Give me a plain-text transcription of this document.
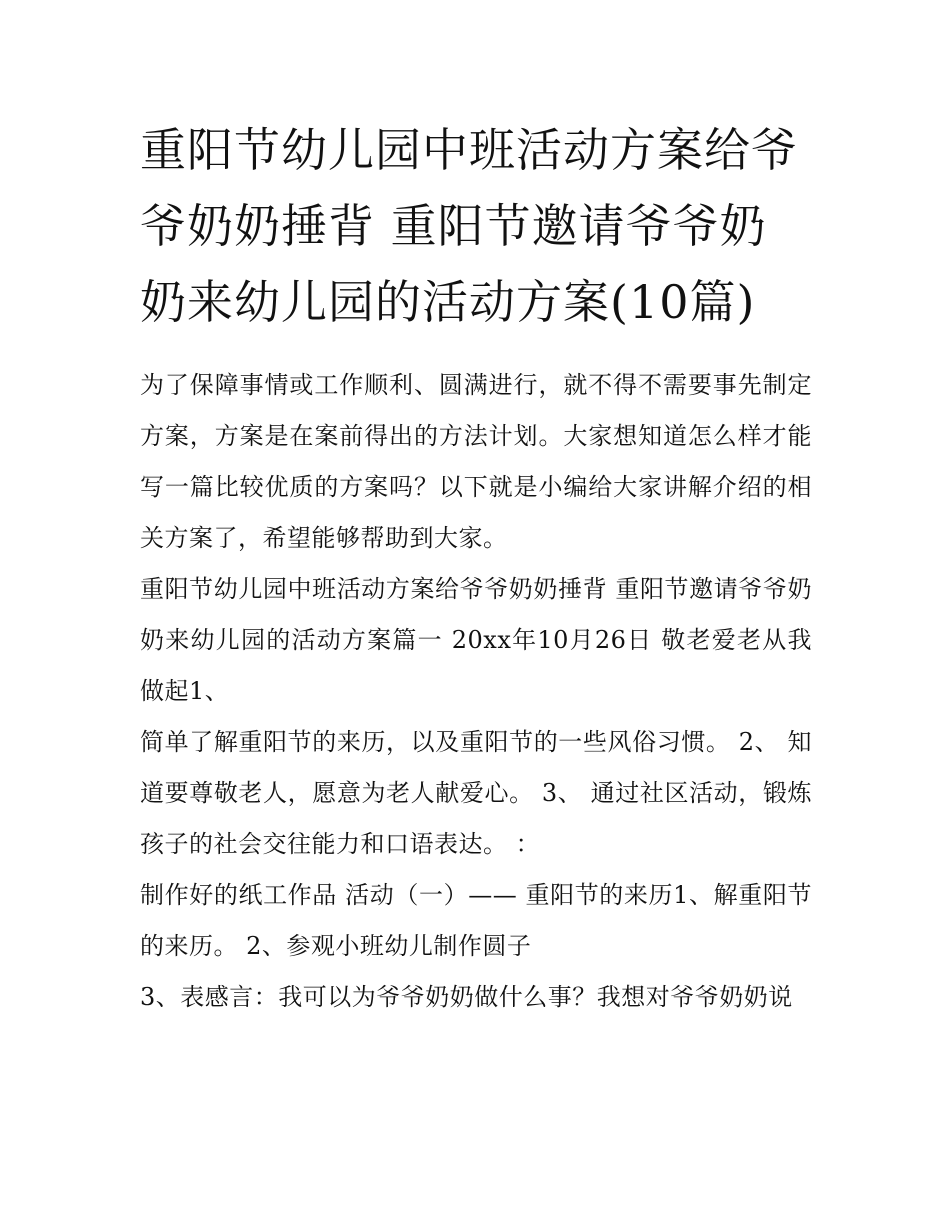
重阳节幼儿园中班活动方案给爷爷奶奶捶背 重阳节邀请爷爷奶奶来幼儿园的活动方案(10篇)

为了保障事情或工作顺利、圆满进行，就不得不需要事先制定方案，方案是在案前得出的方法计划。大家想知道怎么样才能写一篇比较优质的方案吗？以下就是小编给大家讲解介绍的相关方案了，希望能够帮助到大家。

重阳节幼儿园中班活动方案给爷爷奶奶捶背 重阳节邀请爷爷奶奶来幼儿园的活动方案篇一 20xx年10月26日 敬老爱老从我做起1、

简单了解重阳节的来历，以及重阳节的一些风俗习惯。 2、 知道要尊敬老人，愿意为老人献爱心。 3、 通过社区活动，锻炼孩子的社会交往能力和口语表达。 ：

制作好的纸工作品 活动（一）—— 重阳节的来历1、解重阳节的来历。 2、参观小班幼儿制作圆子

3、表感言：我可以为爷爷奶奶做什么事？我想对爷爷奶奶说
